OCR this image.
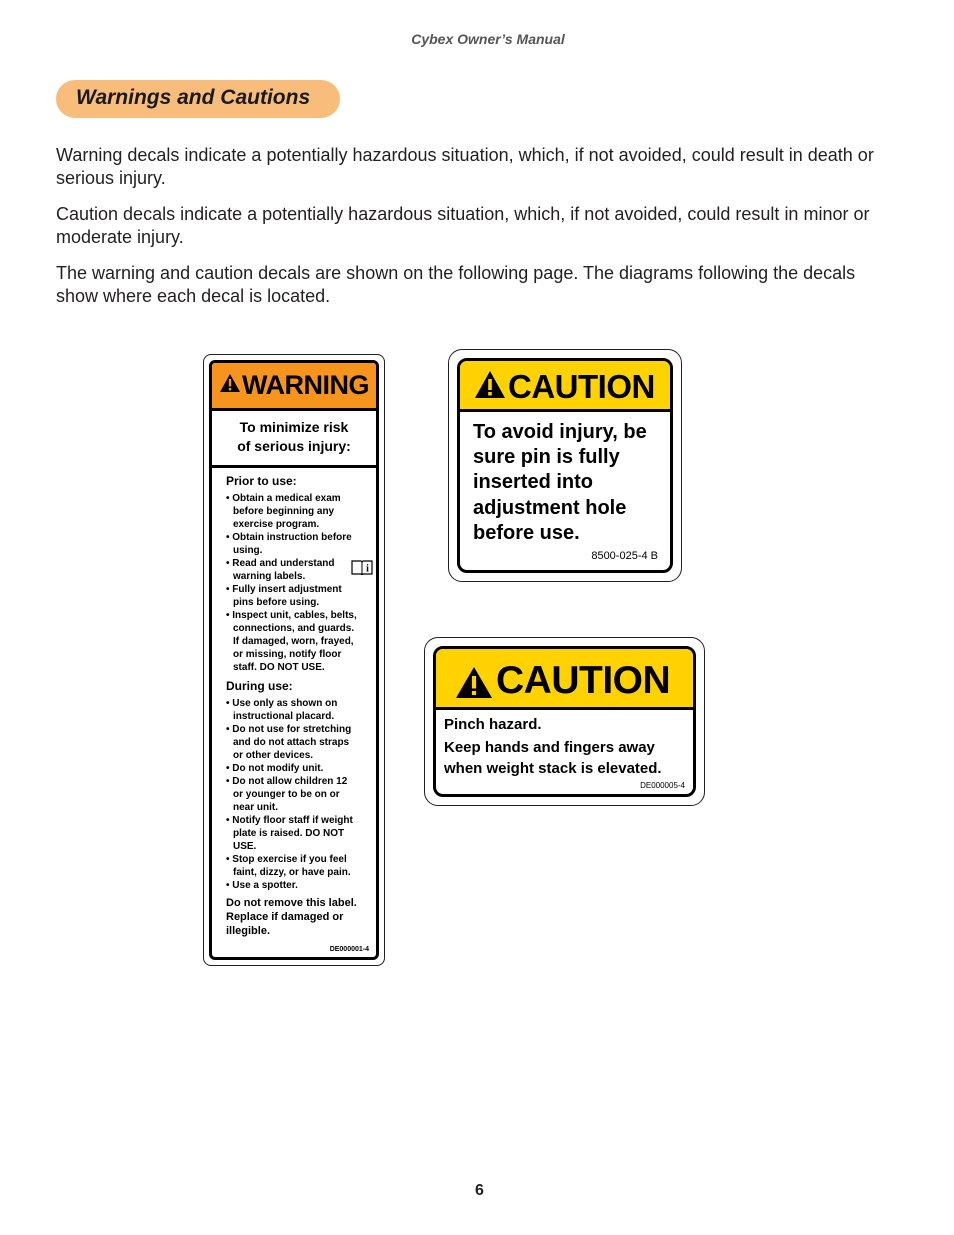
Cybex Owner’s Manual
Warnings and Cautions

Warning decals indicate a potentially hazardous situation, which, if not avoided, could result in death or serious injury.

Caution decals indicate a potentially hazardous situation, which, if not avoided, could result in minor or moderate injury.

The warning and caution decals are shown on the following page. The diagrams following the decals show where each decal is located.

WARNING
To minimize risk
of serious injury:
Prior to use:
• Obtain a medical exam
before beginning any
exercise program.
• Obtain instruction before
using.
• Read and understand
warning labels.
i
• Fully insert adjustment
pins before using.
• Inspect unit, cables, belts,
connections, and guards.
If damaged, worn, frayed,
or missing, notify floor
staff. DO NOT USE.
During use:
• Use only as shown on
instructional placard.
• Do not use for stretching
and do not attach straps
or other devices.
• Do not modify unit.
• Do not allow children 12
or younger to be on or
near unit.
• Notify floor staff if weight
plate is raised. DO NOT
USE.
• Stop exercise if you feel
faint, dizzy, or have pain.
• Use a spotter.
Do not remove this label.
Replace if damaged or
illegible.
DE000001-4
CAUTION
To avoid injury, be
sure pin is fully
inserted into
adjustment hole
before use.
8500-025-4 B
CAUTION
Pinch hazard.
Keep hands and fingers away
when weight stack is elevated.
DE000005-4
6
